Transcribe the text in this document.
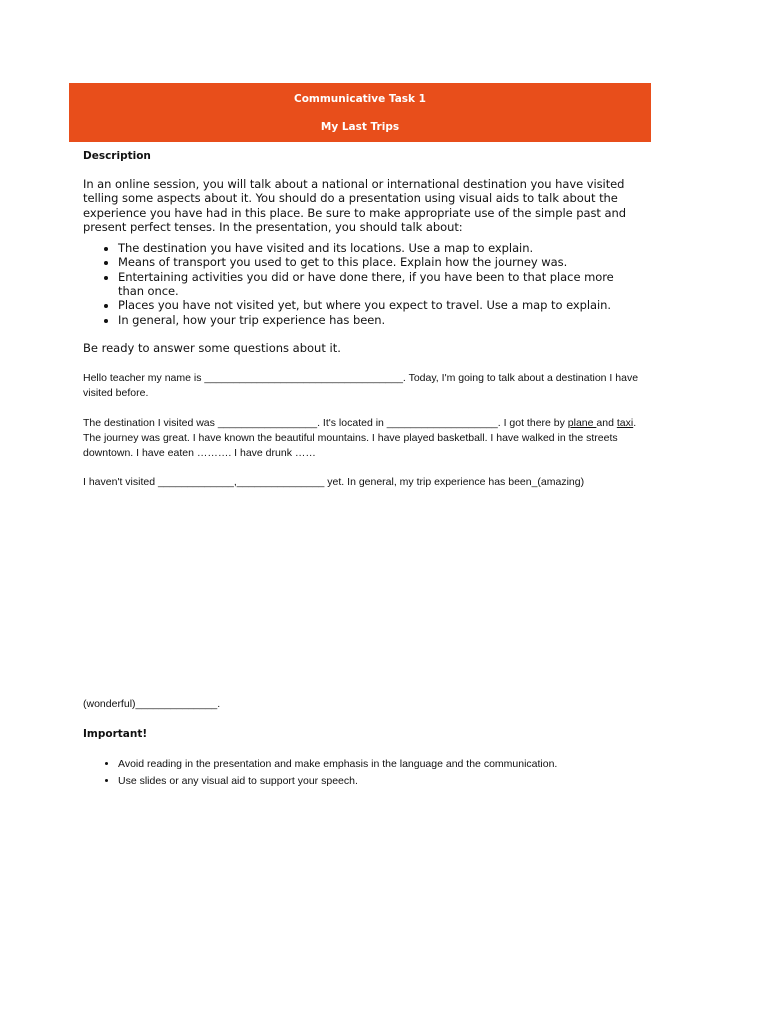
Communicative Task 1
My Last Trips

Description

In an online session, you will talk about a national or international destination you have visited telling some aspects about it. You should do a presentation using visual aids to talk about the experience you have had in this place. Be sure to make appropriate use of the simple past and present perfect tenses. In the presentation, you should talk about:

• The destination you have visited and its locations. Use a map to explain.
• Means of transport you used to get to this place. Explain how the journey was.
• Entertaining activities you did or have done there, if you have been to that place more than once.
• Places you have not visited yet, but where you expect to travel. Use a map to explain.
• In general, how your trip experience has been.

Be ready to answer some questions about it.

Hello teacher my name is __________________________________. Today, I'm going to talk about a destination I have visited before.

The destination I visited was _________________. It's located in ___________________. I got there by plane and taxi. The journey was great. I have known the beautiful mountains. I have played basketball. I have walked in the streets downtown. I have eaten ………. I have drunk ……

I haven't visited _____________,_______________ yet. In general, my trip experience has been_(amazing)

(wonderful)______________.

Important!

• Avoid reading in the presentation and make emphasis in the language and the communication.
• Use slides or any visual aid to support your speech.
